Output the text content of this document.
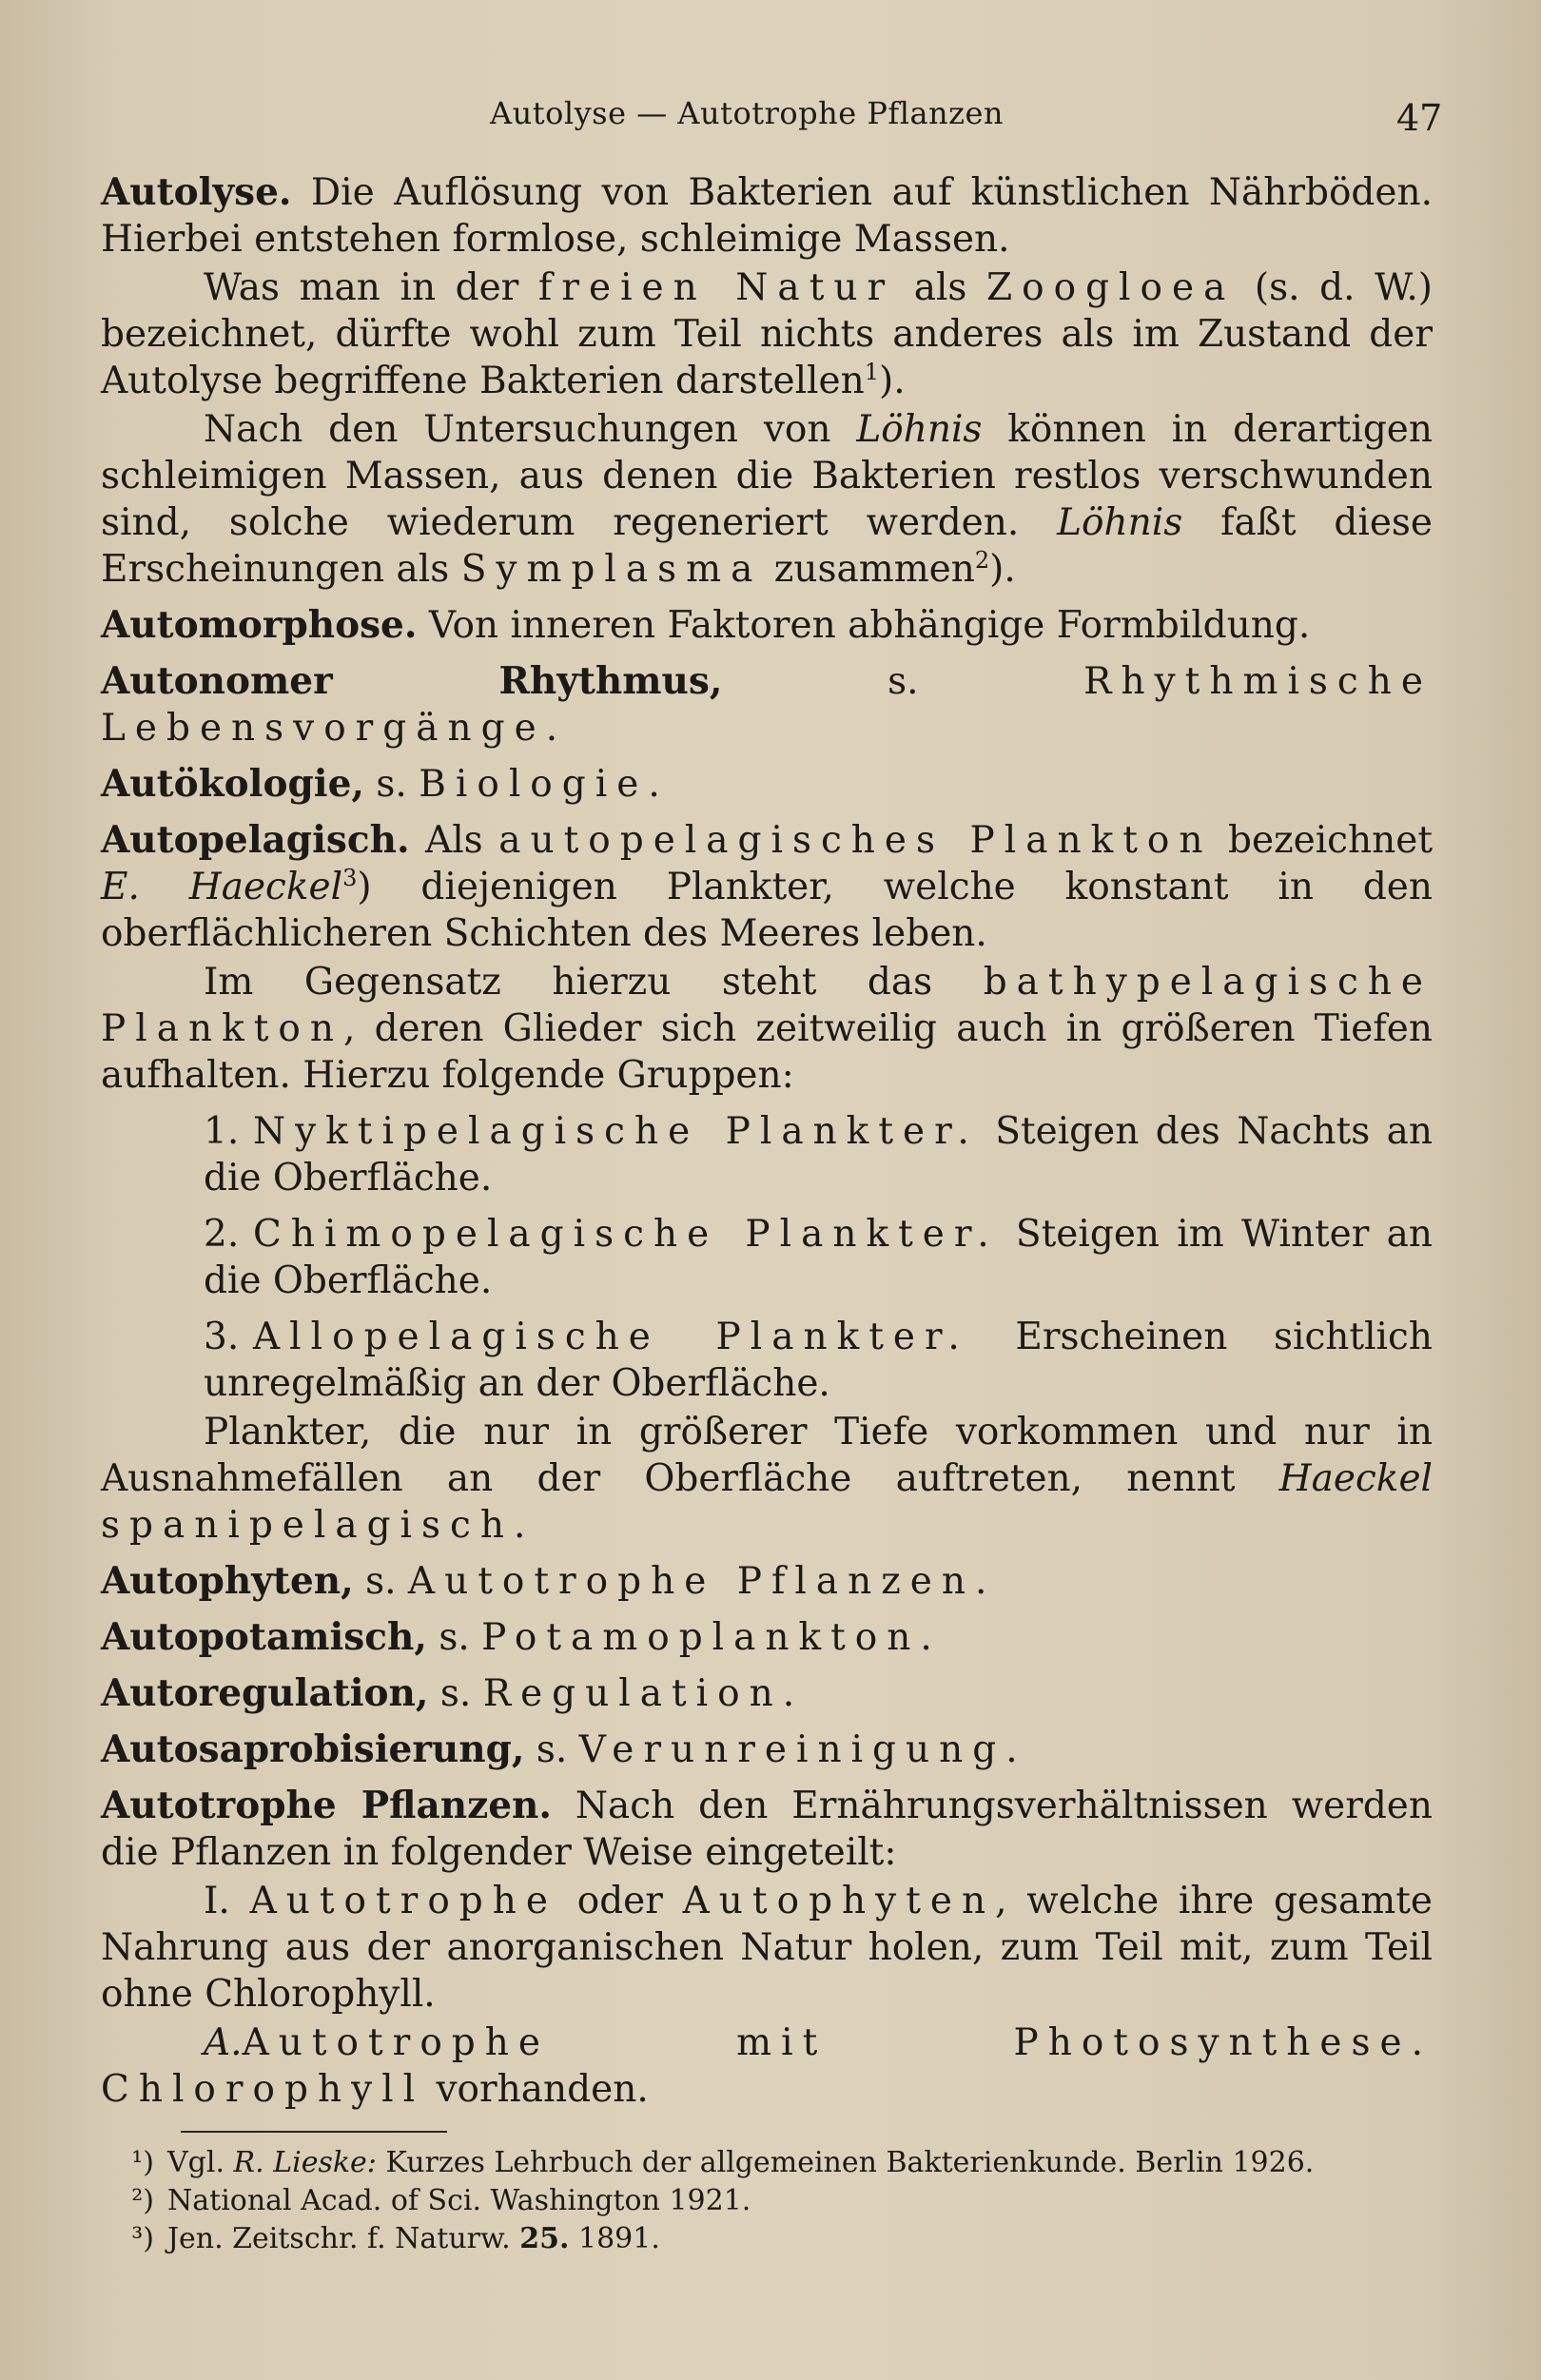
Autolyse — Autotrophe Pflanzen	47

Autolyse. Die Auflösung von Bakterien auf künstlichen Nährböden. Hierbei entstehen formlose, schleimige Massen.

Was man in der freien Natur als Zoogloea (s. d. W.) bezeichnet, dürfte wohl zum Teil nichts anderes als im Zustand der Autolyse begriffene Bakterien darstellen$^1$).

Nach den Untersuchungen von Löhnis können in derartigen schleimigen Massen, aus denen die Bakterien restlos verschwunden sind, solche wiederum regeneriert werden. Löhnis faßt diese Erscheinungen als Symplasma zusammen$^2$).

Automorphose. Von inneren Faktoren abhängige Formbildung.

Autonomer Rhythmus,	s.	Rhythmische Lebensvorgänge.

Autökologie, s. Biologie.

Autopelagisch. Als autopelagisches Plankton bezeichnet E. Haeckel$^3$) diejenigen Plankter, welche konstant in den oberflächlicheren Schichten des Meeres leben.

Im Gegensatz hierzu steht das bathypelagische Plankton, deren Glieder sich zeitweilig auch in größeren Tiefen aufhalten. Hierzu folgende Gruppen:

1. Nyktipelagische Plankter. Steigen des Nachts an die Oberfläche.

2. Chimopelagische Plankter. Steigen im Winter an die Oberfläche.

3. Allopelagische Plankter. Erscheinen sichtlich unregelmäßig an der Oberfläche.

Plankter, die nur in größerer Tiefe vorkommen und nur in Ausnahmefällen an der Oberfläche auftreten, nennt Haeckel spanipelagisch.

Autophyten, s. Autotrophe Pflanzen.

Autopotamisch, s. Potamoplankton.

Autoregulation, s. Regulation.

Autosaprobisierung, s. Verunreinigung.

Autotrophe Pflanzen. Nach den Ernährungsverhältnissen werden die Pflanzen in folgender Weise eingeteilt:

I. Autotrophe oder Autophyten, welche ihre gesamte Nahrung aus der anorganischen Natur holen, zum Teil mit, zum Teil ohne Chlorophyll.

A.Autotrophe mit Photosynthese. Chlorophyll vorhanden.

¹) Vgl. R. Lieske: Kurzes Lehrbuch der allgemeinen Bakterienkunde. Berlin 1926.

²) National Acad. of Sci. Washington 1921.

³) Jen. Zeitschr. f. Naturw. 25. 1891.
